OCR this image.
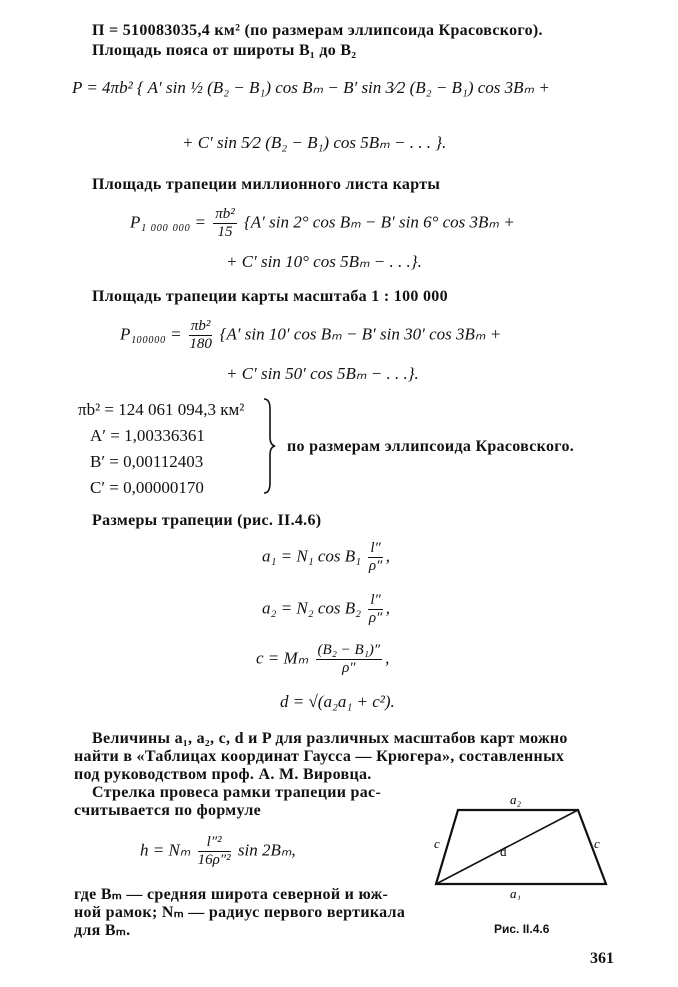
П = 510083035,4 км² (по размерам эллипсоида Красовского).
Площадь пояса от широты B₁ до B₂
P = 4πb² { A′ sin ½ (B₂ − B₁) cos Bₘ − B′ sin 3⁄2 (B₂ − B₁) cos 3Bₘ +
+ C′ sin 5⁄2 (B₂ − B₁) cos 5Bₘ − . . . }.
Площадь трапеции миллионного листа карты
P₁ ₀₀₀ $_{000} = \frac{\text{πb²}}{15} \{A'$ sin 2° cos Bₘ − B′ sin 6° cos 3Bₘ +
+ C′ sin 10° cos 5Bₘ − . . .}.
Площадь трапеции карты масштаба 1 : 100 000
$P_{100000} = \frac{\text{πb²}}{180} \{A'$ sin 10′ cos Bₘ − B′ sin 30′ cos 3Bₘ +
+ C′ sin 50′ cos 5Bₘ − . . .}.
πb² = 124 061 094,3 км²
A′ = 1,00336361
B′ = 0,00112403
C′ = 0,00000170
по размерам эллипсоида Красовского.
Размеры трапеции (рис. II.4.6)
a₁ = N₁ $\cos B_1 \frac{l''}{\rho''}$ ,
a₂ = N₂ $\cos B_2 \frac{l''}{\rho''}$ ,
c = Mₘ $\frac{\text{(B₂ − B₁)″}}{\rho''}$ ,
d = √(a₂a₁ + c²).
Величины a₁, a₂, c, d и P для различных масштабов карт можно
найти в «Таблицах координат Гаусса — Крюгера», составленных
под руководством проф. А. М. Вировца.
Стрелка провеса рамки трапеции рас-
считывается по формуле
h = Nₘ $\frac{\text{l″²}}{\text{16ρ″²}}$ sin 2Bₘ,
где Bₘ — средняя широта северной и юж-
ной рамок; Nₘ — радиус первого вертикала
для Bₘ.
a₂
a₁
c	c
d
Рис. II.4.6
361
